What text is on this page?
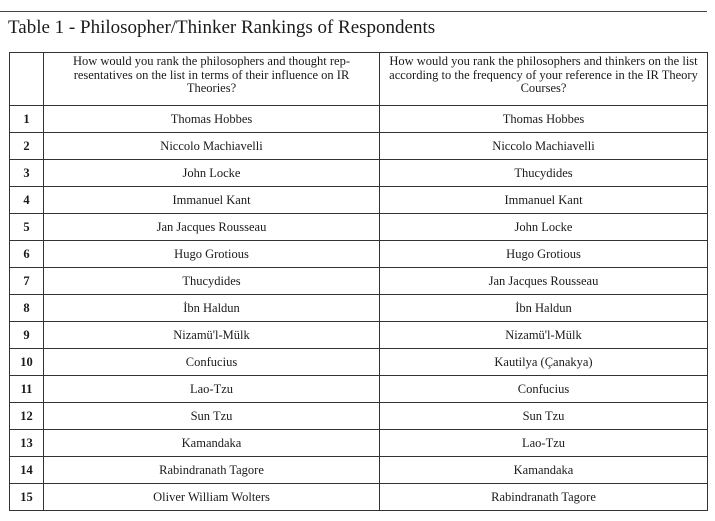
Table 1 - Philosopher/Thinker Rankings of Respondents
	How would you rank the philosophers and thought rep-resentatives on the list in terms of their influence on IR Theories?	How would you rank the philosophers and thinkers on the list according to the frequency of your reference in the IR Theory Courses?
1	Thomas Hobbes	Thomas Hobbes
2	Niccolo Machiavelli	Niccolo Machiavelli
3	John Locke	Thucydides
4	Immanuel Kant	Immanuel Kant
5	Jan Jacques Rousseau	John Locke
6	Hugo Grotious	Hugo Grotious
7	Thucydides	Jan Jacques Rousseau
8	İbn Haldun	İbn Haldun
9	Nizamü'l-Mülk	Nizamü'l-Mülk
10	Confucius	Kautilya (Çanakya)
11	Lao-Tzu	Confucius
12	Sun Tzu	Sun Tzu
13	Kamandaka	Lao-Tzu
14	Rabindranath Tagore	Kamandaka
15	Oliver William Wolters	Rabindranath Tagore
